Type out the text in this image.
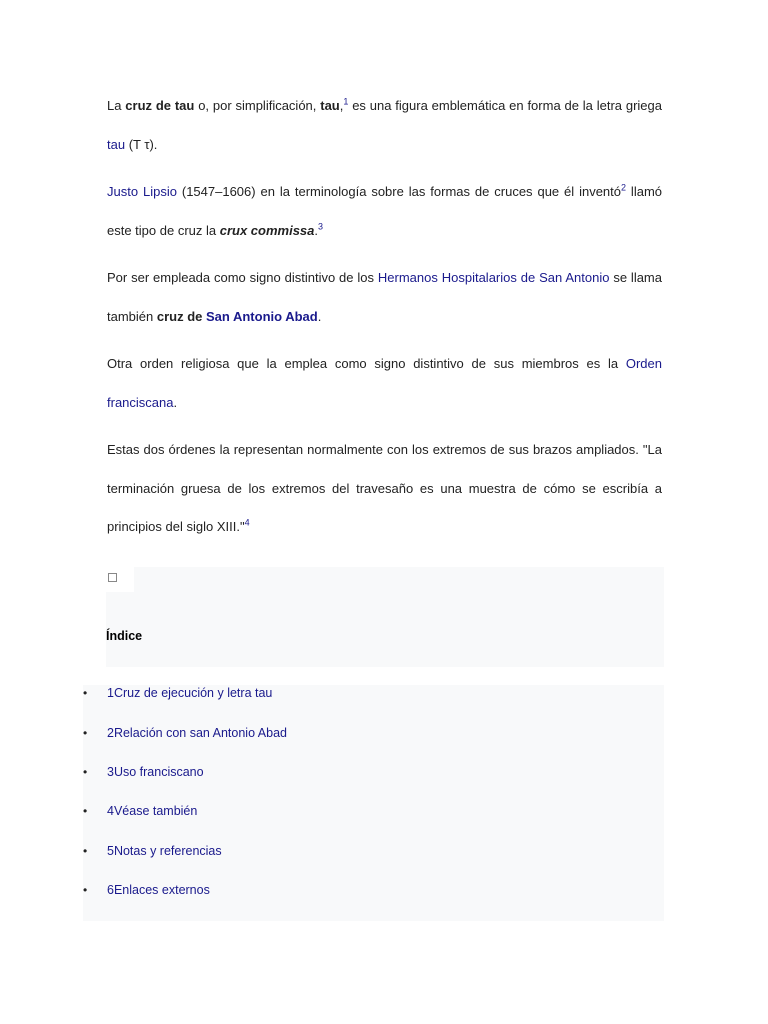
La cruz de tau o, por simplificación, tau,$^1$ es una figura emblemática en forma de la letra griega tau (Τ τ).

Justo Lipsio (1547–1606) en la terminología sobre las formas de cruces que él inventó$^2$ llamó este tipo de cruz la crux commissa.$^3$

Por ser empleada como signo distintivo de los Hermanos Hospitalarios de San Antonio se llama también cruz de San Antonio Abad.

Otra orden religiosa que la emplea como signo distintivo de sus miembros es la Orden franciscana.

Estas dos órdenes la representan normalmente con los extremos de sus brazos ampliados. "La terminación gruesa de los extremos del travesaño es una muestra de cómo se escribía a principios del siglo XIII."$^4$

Índice
• 1Cruz de ejecución y letra tau
• 2Relación con san Antonio Abad
• 3Uso franciscano
• 4Véase también
• 5Notas y referencias
• 6Enlaces externos
